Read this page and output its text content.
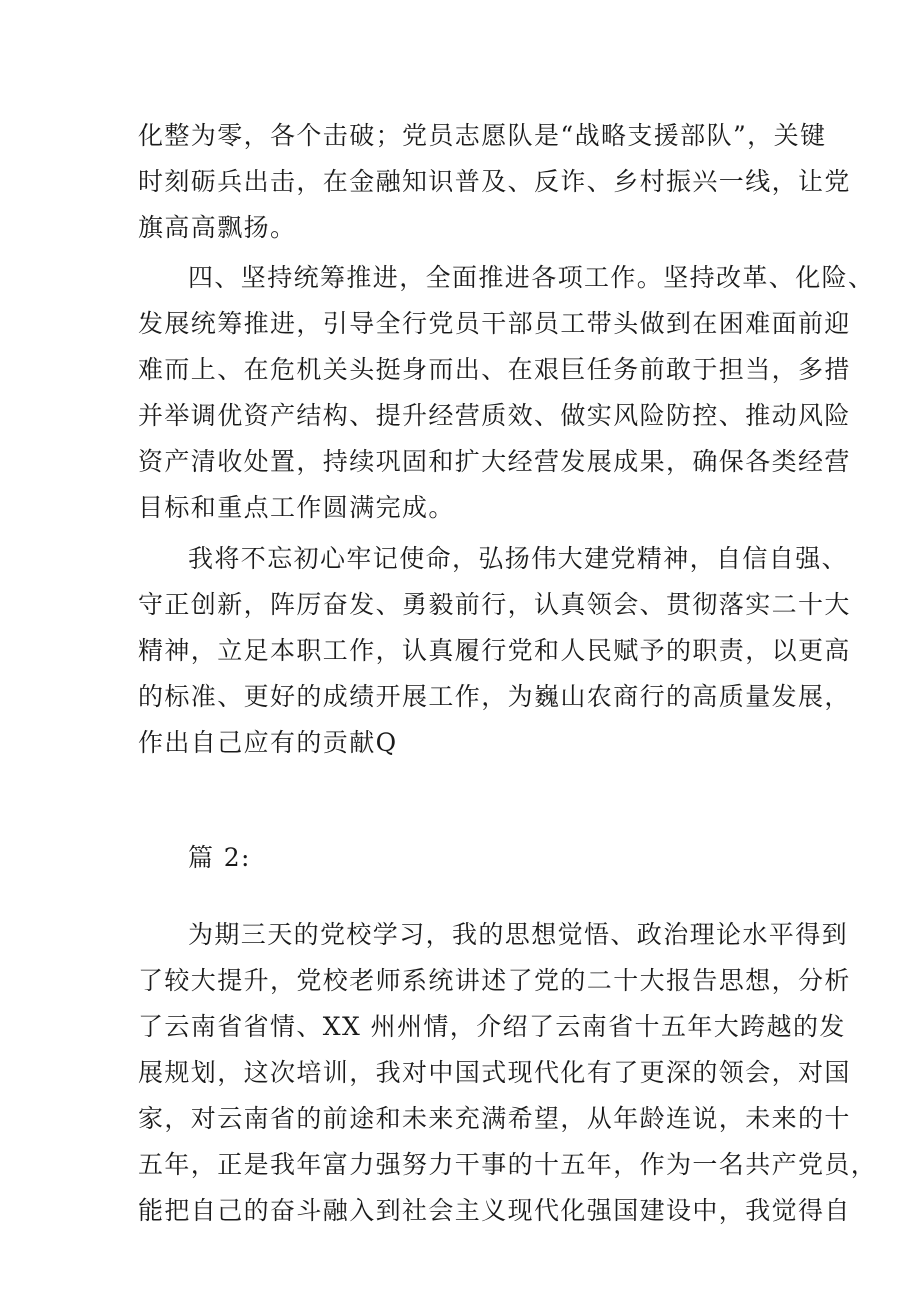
化整为零，各个击破；党员志愿队是“战略支援部队”，关键
时刻砺兵出击，在金融知识普及、反诈、乡村振兴一线，让党
旗高高飘扬。

四、坚持统筹推进，全面推进各项工作。坚持改革、化险、
发展统筹推进，引导全行党员干部员工带头做到在困难面前迎
难而上、在危机关头挺身而出、在艰巨任务前敢于担当，多措
并举调优资产结构、提升经营质效、做实风险防控、推动风险
资产清收处置，持续巩固和扩大经营发展成果，确保各类经营
目标和重点工作圆满完成。

我将不忘初心牢记使命，弘扬伟大建党精神，自信自强、
守正创新，阵厉奋发、勇毅前行，认真领会、贯彻落实二十大
精神，立足本职工作，认真履行党和人民赋予的职责，以更高
的标准、更好的成绩开展工作，为巍山农商行的高质量发展，
作出自己应有的贡献Q

篇 2:

为期三天的党校学习，我的思想觉悟、政治理论水平得到
了较大提升，党校老师系统讲述了党的二十大报告思想，分析
了云南省省情、XX 州州情，介绍了云南省十五年大跨越的发
展规划，这次培训，我对中国式现代化有了更深的领会，对国
家，对云南省的前途和未来充满希望，从年龄连说，未来的十
五年，正是我年富力强努力干事的十五年，作为一名共产党员，
能把自己的奋斗融入到社会主义现代化强国建设中，我觉得自
